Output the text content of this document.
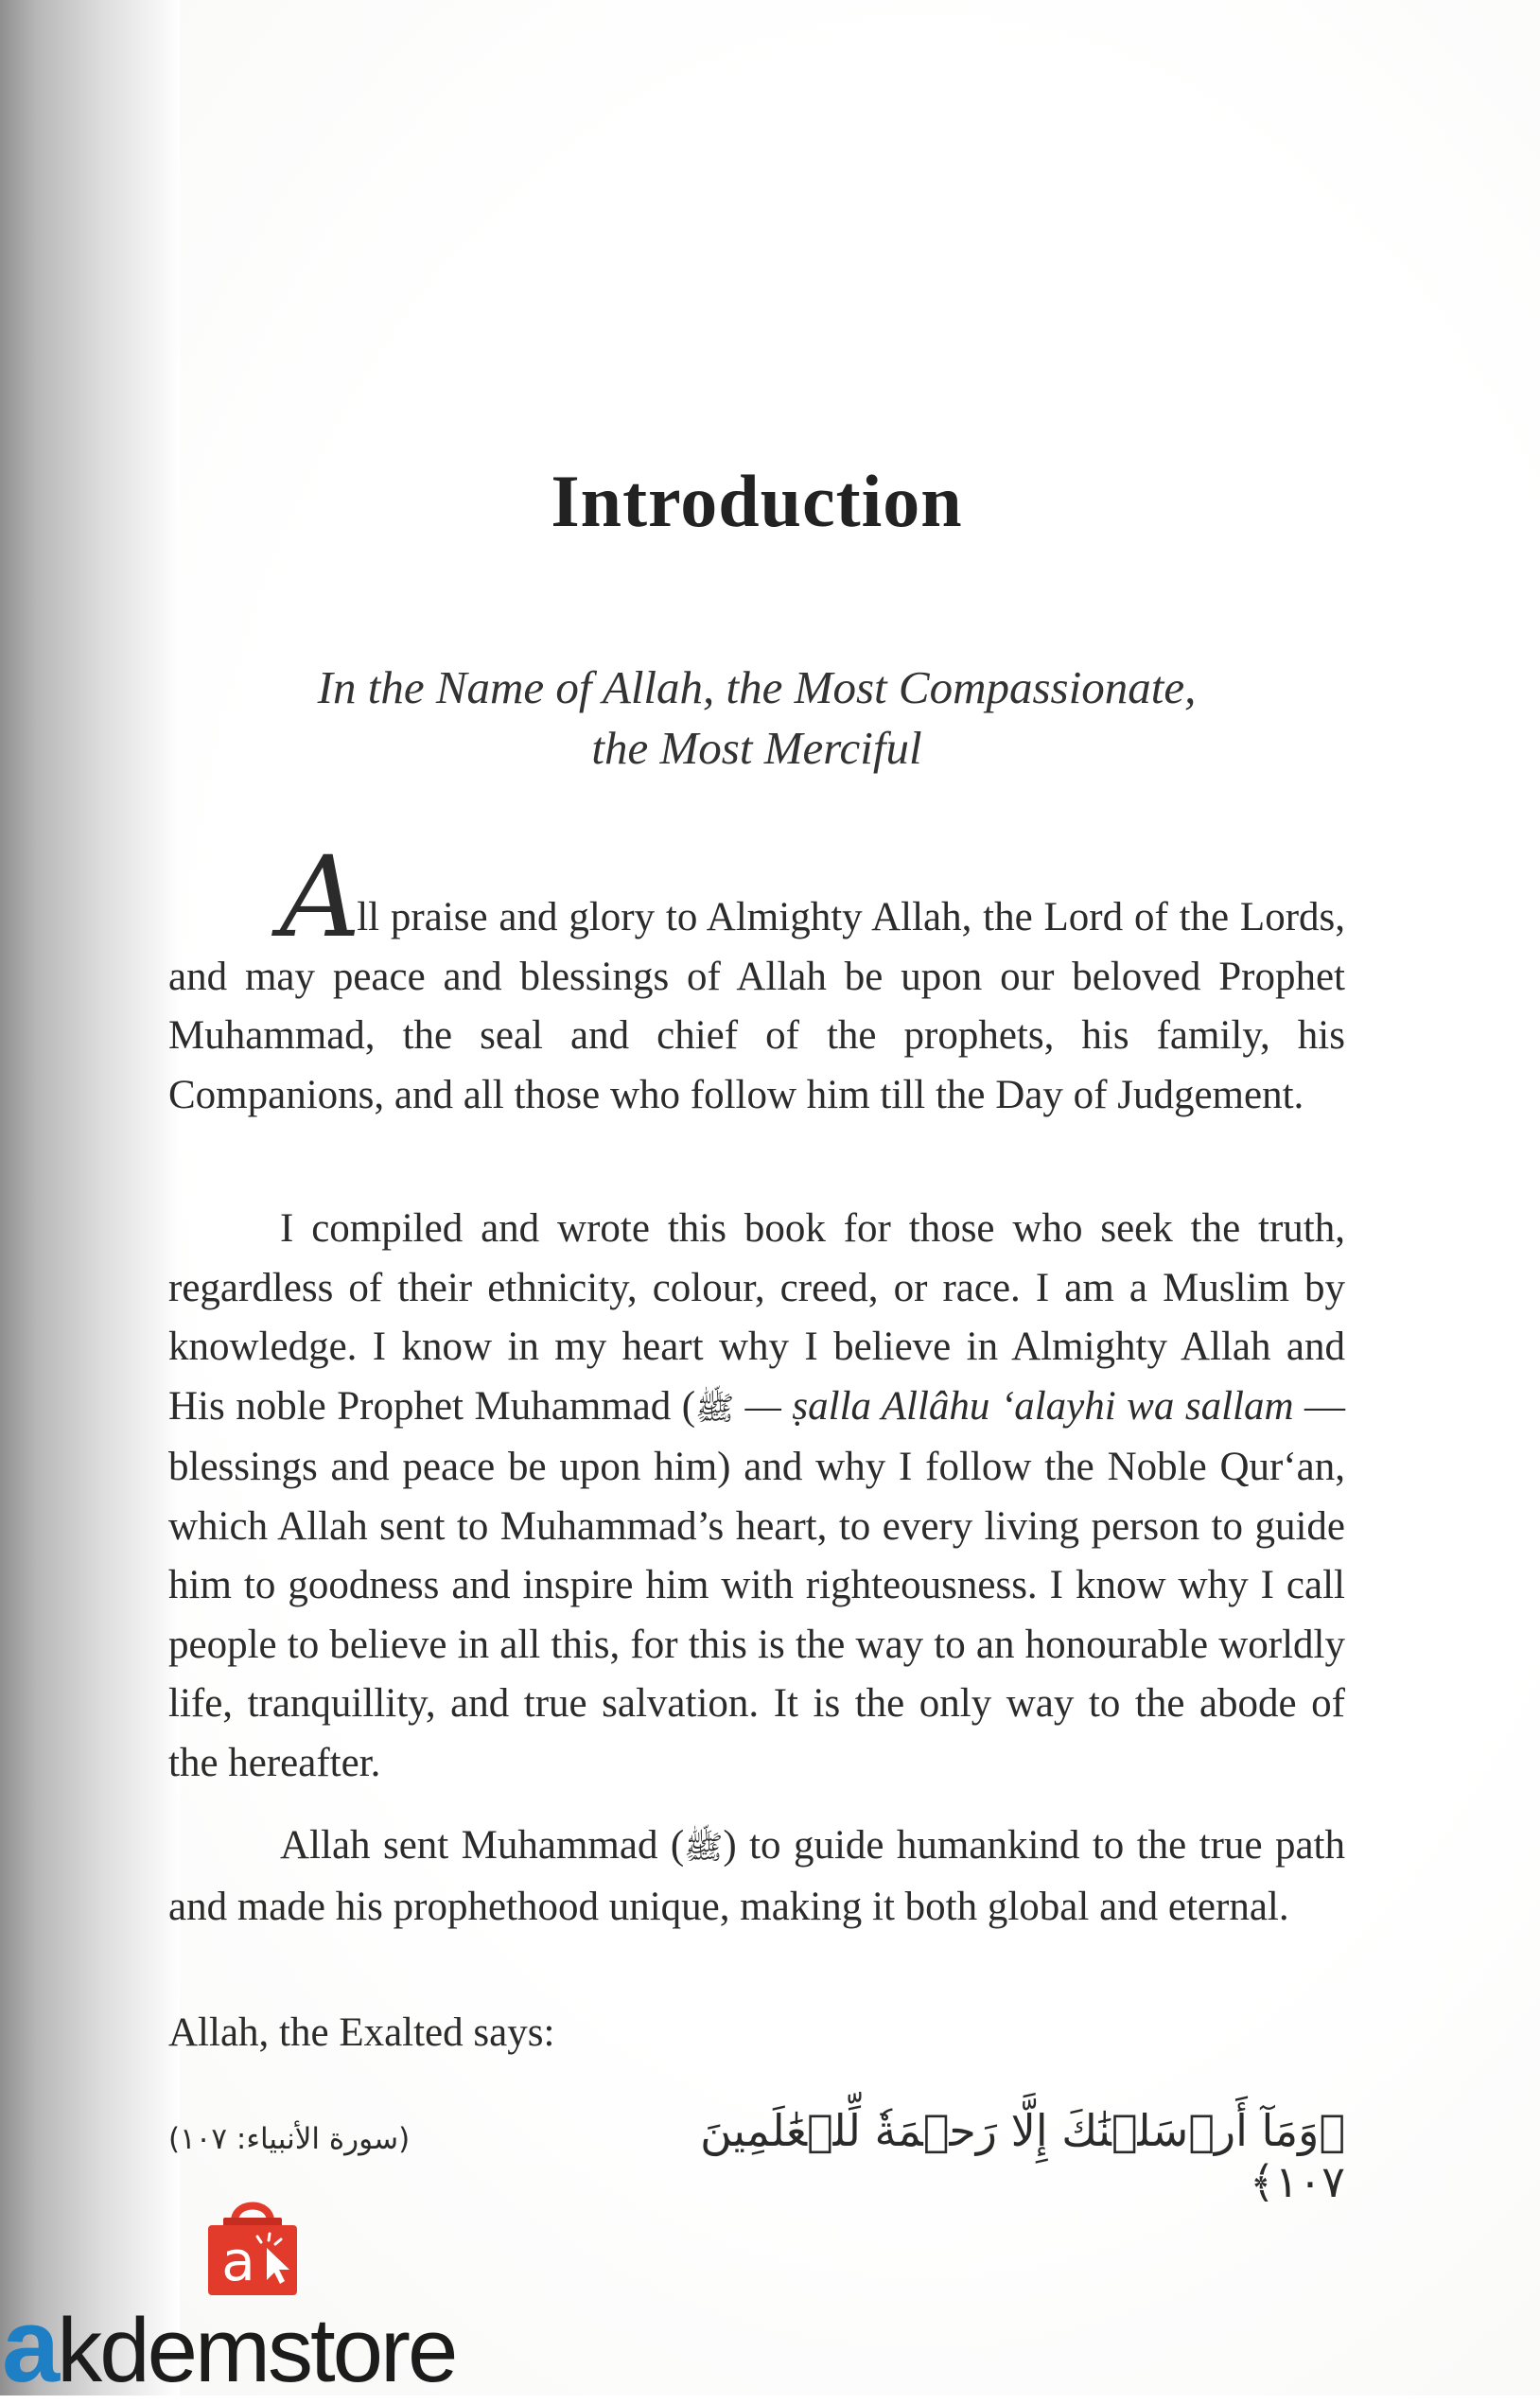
Introduction
In the Name of Allah, the Most Compassionate,
the Most Merciful

All praise and glory to Almighty Allah, the Lord of the Lords, and may peace and blessings of Allah be upon our beloved Prophet Muhammad, the seal and chief of the prophets, his family, his Companions, and all those who follow him till the Day of Judgement.

I compiled and wrote this book for those who seek the truth, regardless of their ethnicity, colour, creed, or race. I am a Muslim by knowledge. I know in my heart why I believe in Almighty Allah and His noble Prophet Muhammad (ﷺ — ṣalla Allâhu ‘alayhi wa sallam — blessings and peace be upon him) and why I follow the Noble Qur‘an, which Allah sent to Muhammad’s heart, to every living person to guide him to goodness and inspire him with righteousness. I know why I call people to believe in all this, for this is the way to an honourable worldly life, tranquillity, and true salvation. It is the only way to the abode of the hereafter.

Allah sent Muhammad (ﷺ) to guide humankind to the true path and made his prophethood unique, making it both global and eternal.

Allah, the Exalted says:

﴿وَمَآ أَرۡسَلۡنَٰكَ إِلَّا رَحۡمَةٗ لِّلۡعَٰلَمِينَ ١٠٧﴾
(سورة الأنبياء: ١٠٧)
a
akdemstore
